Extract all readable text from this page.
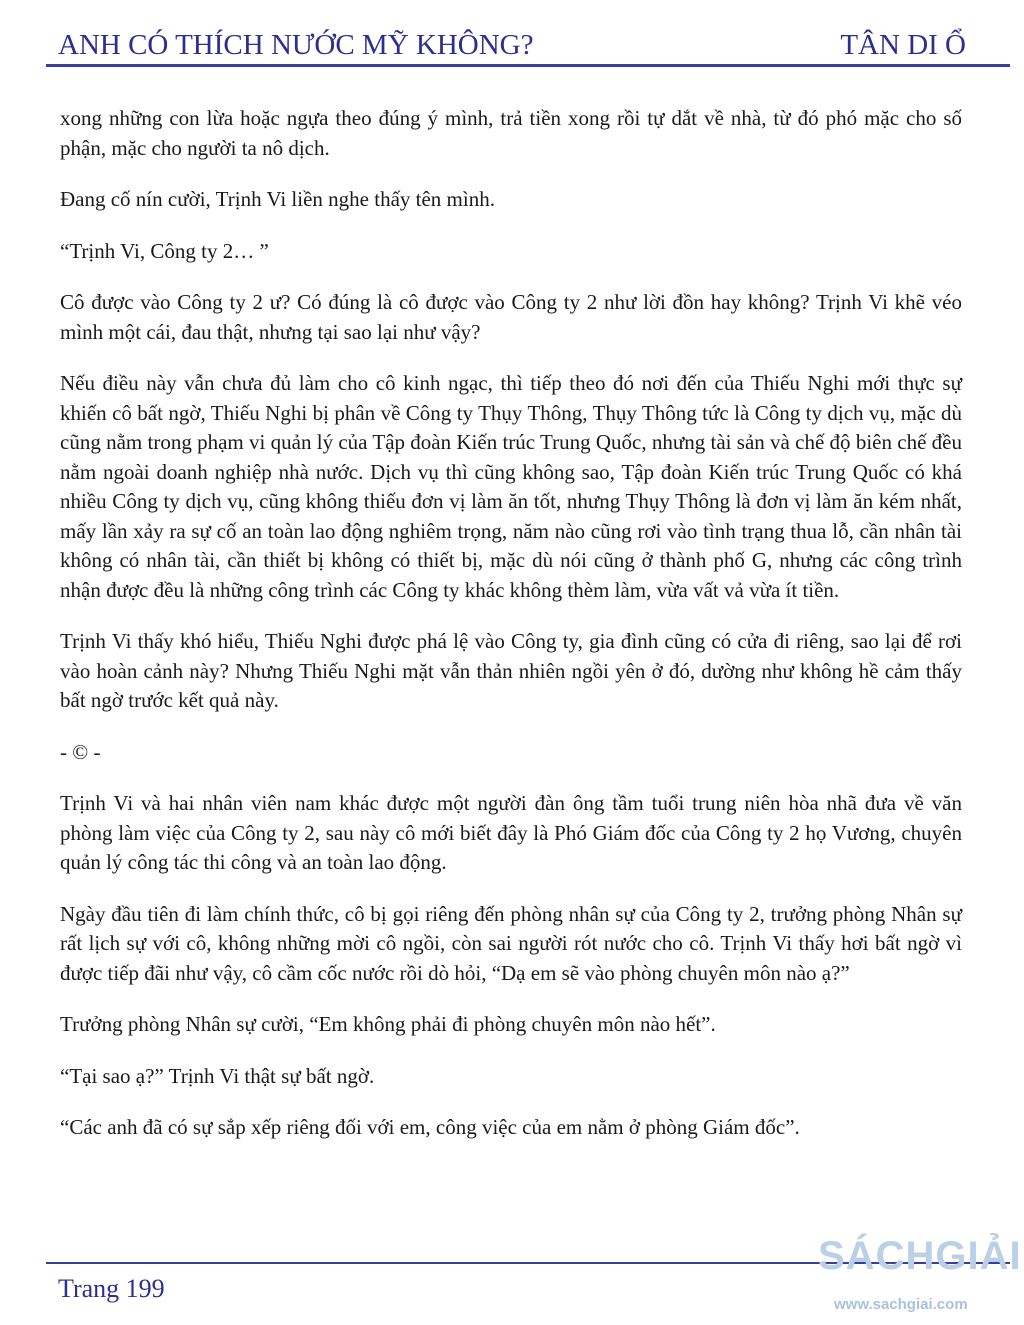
ANH CÓ THÍCH NƯỚC MỸ KHÔNG?	TÂN DI Ổ

xong những con lừa hoặc ngựa theo đúng ý mình, trả tiền xong rồi tự dắt về nhà, từ đó phó mặc cho số phận, mặc cho người ta nô dịch.

Đang cố nín cười, Trịnh Vi liền nghe thấy tên mình.

“Trịnh Vi, Công ty 2… ”

Cô được vào Công ty 2 ư? Có đúng là cô được vào Công ty 2 như lời đồn hay không? Trịnh Vi khẽ véo mình một cái, đau thật, nhưng tại sao lại như vậy?

Nếu điều này vẫn chưa đủ làm cho cô kinh ngạc, thì tiếp theo đó nơi đến của Thiếu Nghi mới thực sự khiến cô bất ngờ, Thiếu Nghi bị phân về Công ty Thụy Thông, Thụy Thông tức là Công ty dịch vụ, mặc dù cũng nằm trong phạm vi quản lý của Tập đoàn Kiến trúc Trung Quốc, nhưng tài sản và chế độ biên chế đều nằm ngoài doanh nghiệp nhà nước. Dịch vụ thì cũng không sao, Tập đoàn Kiến trúc Trung Quốc có khá nhiều Công ty dịch vụ, cũng không thiếu đơn vị làm ăn tốt, nhưng Thụy Thông là đơn vị làm ăn kém nhất, mấy lần xảy ra sự cố an toàn lao động nghiêm trọng, năm nào cũng rơi vào tình trạng thua lỗ, cần nhân tài không có nhân tài, cần thiết bị không có thiết bị, mặc dù nói cũng ở thành phố G, nhưng các công trình nhận được đều là những công trình các Công ty khác không thèm làm, vừa vất vả vừa ít tiền.

Trịnh Vi thấy khó hiểu, Thiếu Nghi được phá lệ vào Công ty, gia đình cũng có cửa đi riêng, sao lại để rơi vào hoàn cảnh này? Nhưng Thiếu Nghi mặt vẫn thản nhiên ngồi yên ở đó, dường như không hề cảm thấy bất ngờ trước kết quả này.

- © -

Trịnh Vi và hai nhân viên nam khác được một người đàn ông tầm tuổi trung niên hòa nhã đưa về văn phòng làm việc của Công ty 2, sau này cô mới biết đây là Phó Giám đốc của Công ty 2 họ Vương, chuyên quản lý công tác thi công và an toàn lao động.

Ngày đầu tiên đi làm chính thức, cô bị gọi riêng đến phòng nhân sự của Công ty 2, trưởng phòng Nhân sự rất lịch sự với cô, không những mời cô ngồi, còn sai người rót nước cho cô. Trịnh Vi thấy hơi bất ngờ vì được tiếp đãi như vậy, cô cầm cốc nước rồi dò hỏi, “Dạ em sẽ vào phòng chuyên môn nào ạ?”

Trưởng phòng Nhân sự cười, “Em không phải đi phòng chuyên môn nào hết”.

“Tại sao ạ?” Trịnh Vi thật sự bất ngờ.

“Các anh đã có sự sắp xếp riêng đối với em, công việc của em nằm ở phòng Giám đốc”.

Trang 199
SÁCHGIẢI
www.sachgiai.com
